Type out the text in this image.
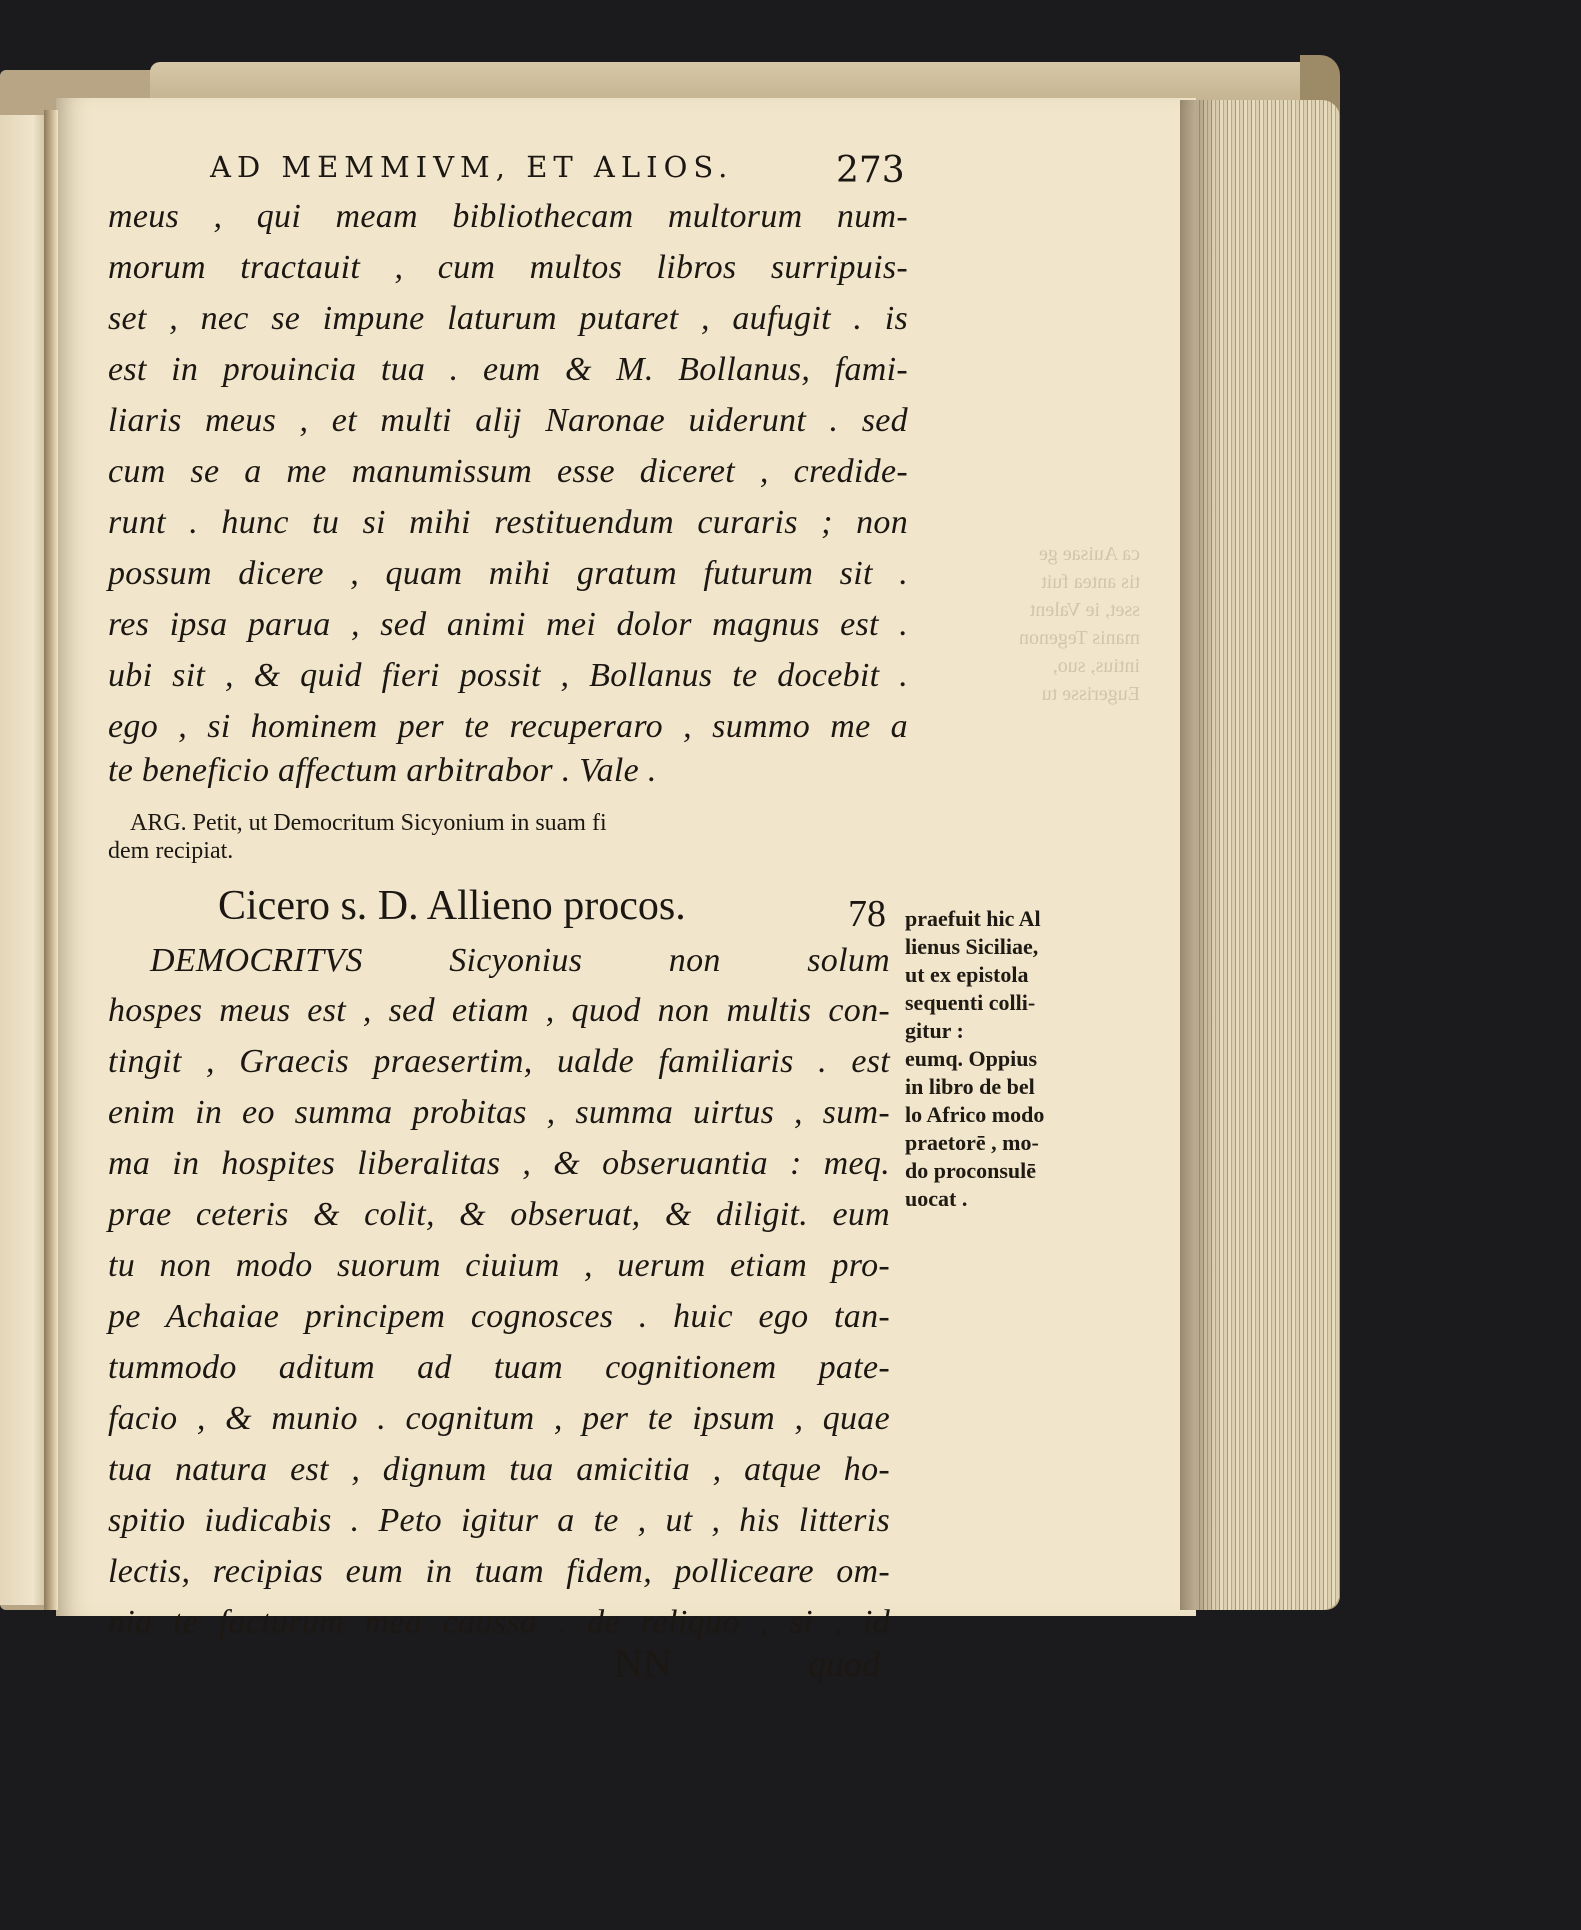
ca Auisae ge
tis antea fuit
sset, ie Valent
manis Tegenon
intius, suo,
Eugerisse tu
AD MEMMIVM, ET ALIOS.	273
meus , qui meam bibliothecam multorum num-
morum tractauit , cum multos libros surripuis-
set , nec se impune laturum putaret , aufugit . is
est in prouincia tua . eum & M. Bollanus, fami-
liaris meus , et multi alij Naronae uiderunt . sed
cum se a me manumissum esse diceret , credide-
runt . hunc tu si mihi restituendum curaris ; non
possum dicere , quam mihi gratum futurum sit .
res ipsa parua , sed animi mei dolor magnus est .
ubi sit , & quid fieri possit , Bollanus te docebit .
ego , si hominem per te recuperaro , summo me a
te beneficio affectum arbitrabor . Vale .
ARG. Petit, ut Democritum Sicyonium in suam fi
dem recipiat.
Cicero s. D. Allieno procos.	78
DEMOCRITVS Sicyonius non solum
hospes meus est , sed etiam , quod non multis con-
tingit , Graecis praesertim, ualde familiaris . est
enim in eo summa probitas , summa uirtus , sum-
ma in hospites liberalitas , & obseruantia : meq.
prae ceteris & colit, & obseruat, & diligit. eum
tu non modo suorum ciuium , uerum etiam pro-
pe Achaiae principem cognosces . huic ego tan-
tummodo aditum ad tuam cognitionem pate-
facio , & munio . cognitum , per te ipsum , quae
tua natura est , dignum tua amicitia , atque ho-
spitio iudicabis . Peto igitur a te , ut , his litteris
lectis, recipias eum in tuam fidem, polliceare om-
nia te facturum mea caussa . de reliquo , si , id
praefuit hic Al
lienus Siciliae,
ut ex epistola
sequenti colli-
gitur :
eumq. Oppius
in libro de bel
lo Africo modo
praetorē , mo-
do proconsulē
uocat .
NN	quod
